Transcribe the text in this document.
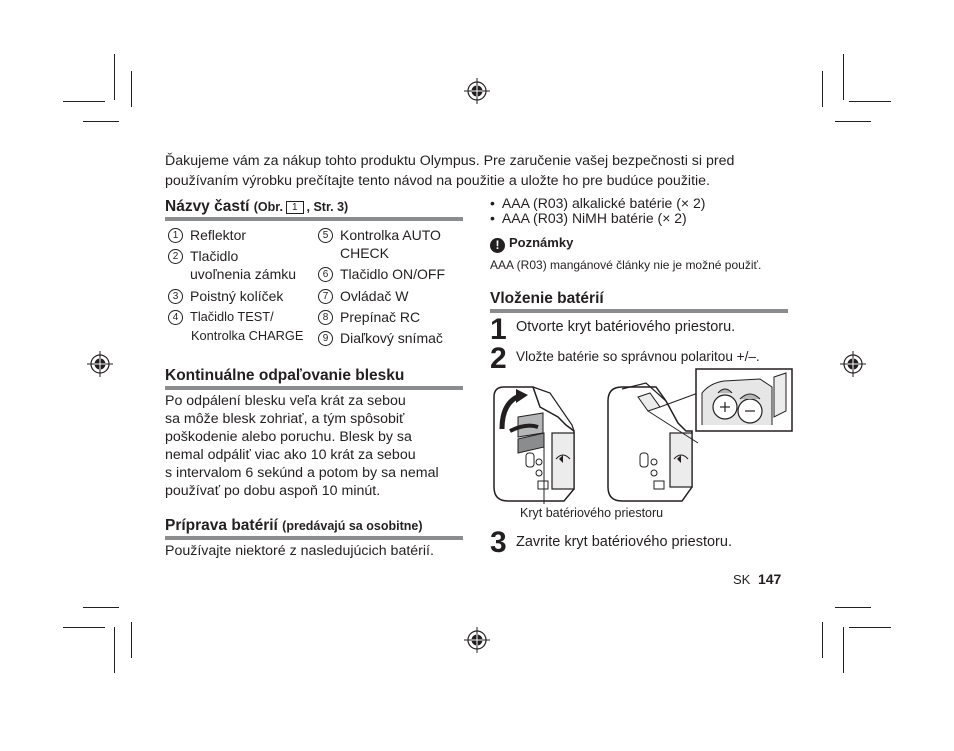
Ďakujeme vám za nákup tohto produktu Olympus. Pre zaručenie vašej bezpečnosti si pred používaním výrobku prečítajte tento návod na použitie a uložte ho pre budúce použitie.
Názvy častí (Obr. 1 , Str. 3)
1 Reflektor
2 Tlačidlo
uvoľnenia zámku
3 Poistný kolíček
4 Tlačidlo TEST/
Kontrolka CHARGE
5 Kontrolka AUTO
CHECK
6 Tlačidlo ON/OFF
7 Ovládač W
8 Prepínač RC
9 Diaľkový snímač
Kontinuálne odpaľovanie blesku
Po odpálení blesku veľa krát za sebou
sa môže blesk zohriať, a tým spôsobiť
poškodenie alebo poruchu. Blesk by sa
nemal odpáliť viac ako 10 krát za sebou
s intervalom 6 sekúnd a potom by sa nemal
používať po dobu aspoň 10 minút.
Príprava batérií (predávajú sa osobitne)
Používajte niektoré z nasledujúcich batérií.
•  AAA (R03) alkalické batérie (× 2)
•  AAA (R03) NiMH batérie (× 2)
! Poznámky
AAA (R03) mangánové články nie je možné použiť.
Vloženie batérií
1 Otvorte kryt batériového priestoru.
2 Vložte batérie so správnou polaritou +/–.
Kryt batériového priestoru
3 Zavrite kryt batériového priestoru.
SK 147
